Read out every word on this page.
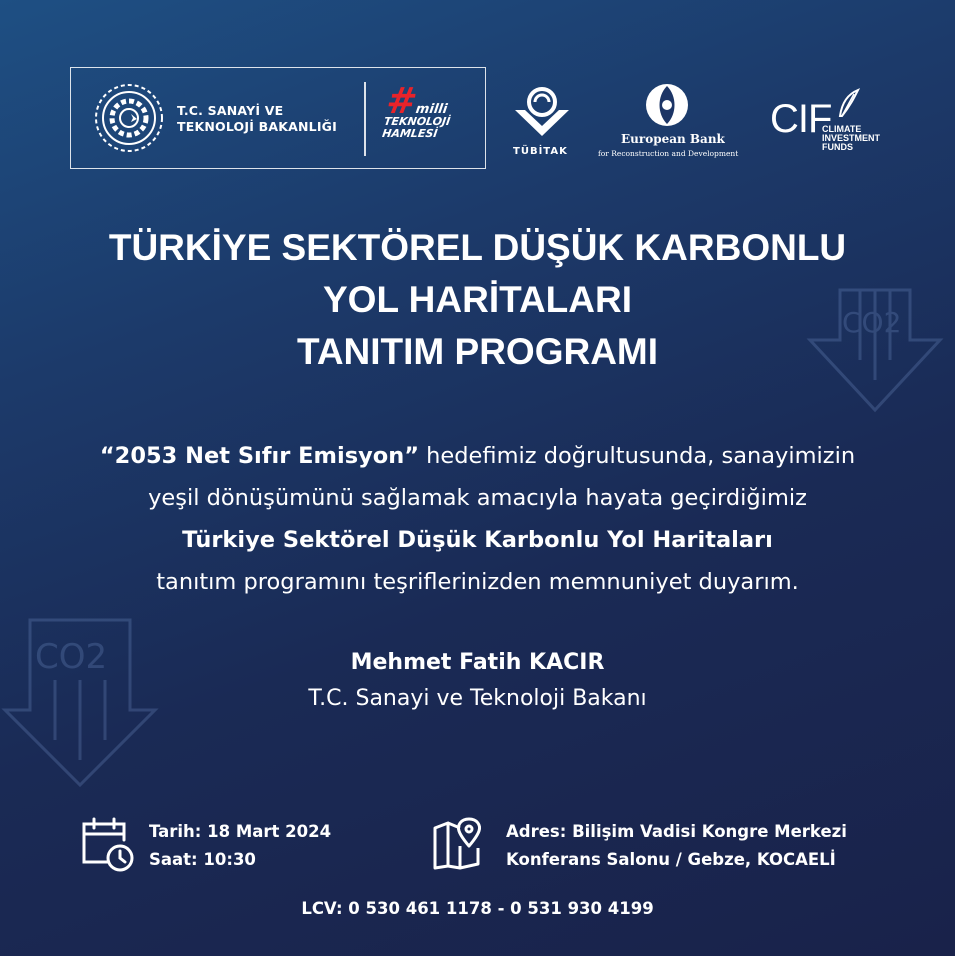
CO2
CO2
T.C. SANAYİ VE
TEKNOLOJİ BAKANLIĞI
#milli
TEKNOLOJİ
HAMLESİ
TÜBİTAK
European Bank
for Reconstruction and Development
CIF
CLIMATE
INVESTMENT
FUNDS
TÜRKİYE SEKTÖREL DÜŞÜK KARBONLU
YOL HARİTALARI
TANITIM PROGRAMI
“2053 Net Sıfır Emisyon” hedefimiz doğrultusunda, sanayimizin
yeşil dönüşümünü sağlamak amacıyla hayata geçirdiğimiz
Türkiye Sektörel Düşük Karbonlu Yol Haritaları
tanıtım programını teşriflerinizden memnuniyet duyarım.
Mehmet Fatih KACIR
T.C. Sanayi ve Teknoloji Bakanı
Tarih: 18 Mart 2024
Saat: 10:30
Adres: Bilişim Vadisi Kongre Merkezi
Konferans Salonu / Gebze, KOCAELİ
LCV: 0 530 461 1178 - 0 531 930 4199
